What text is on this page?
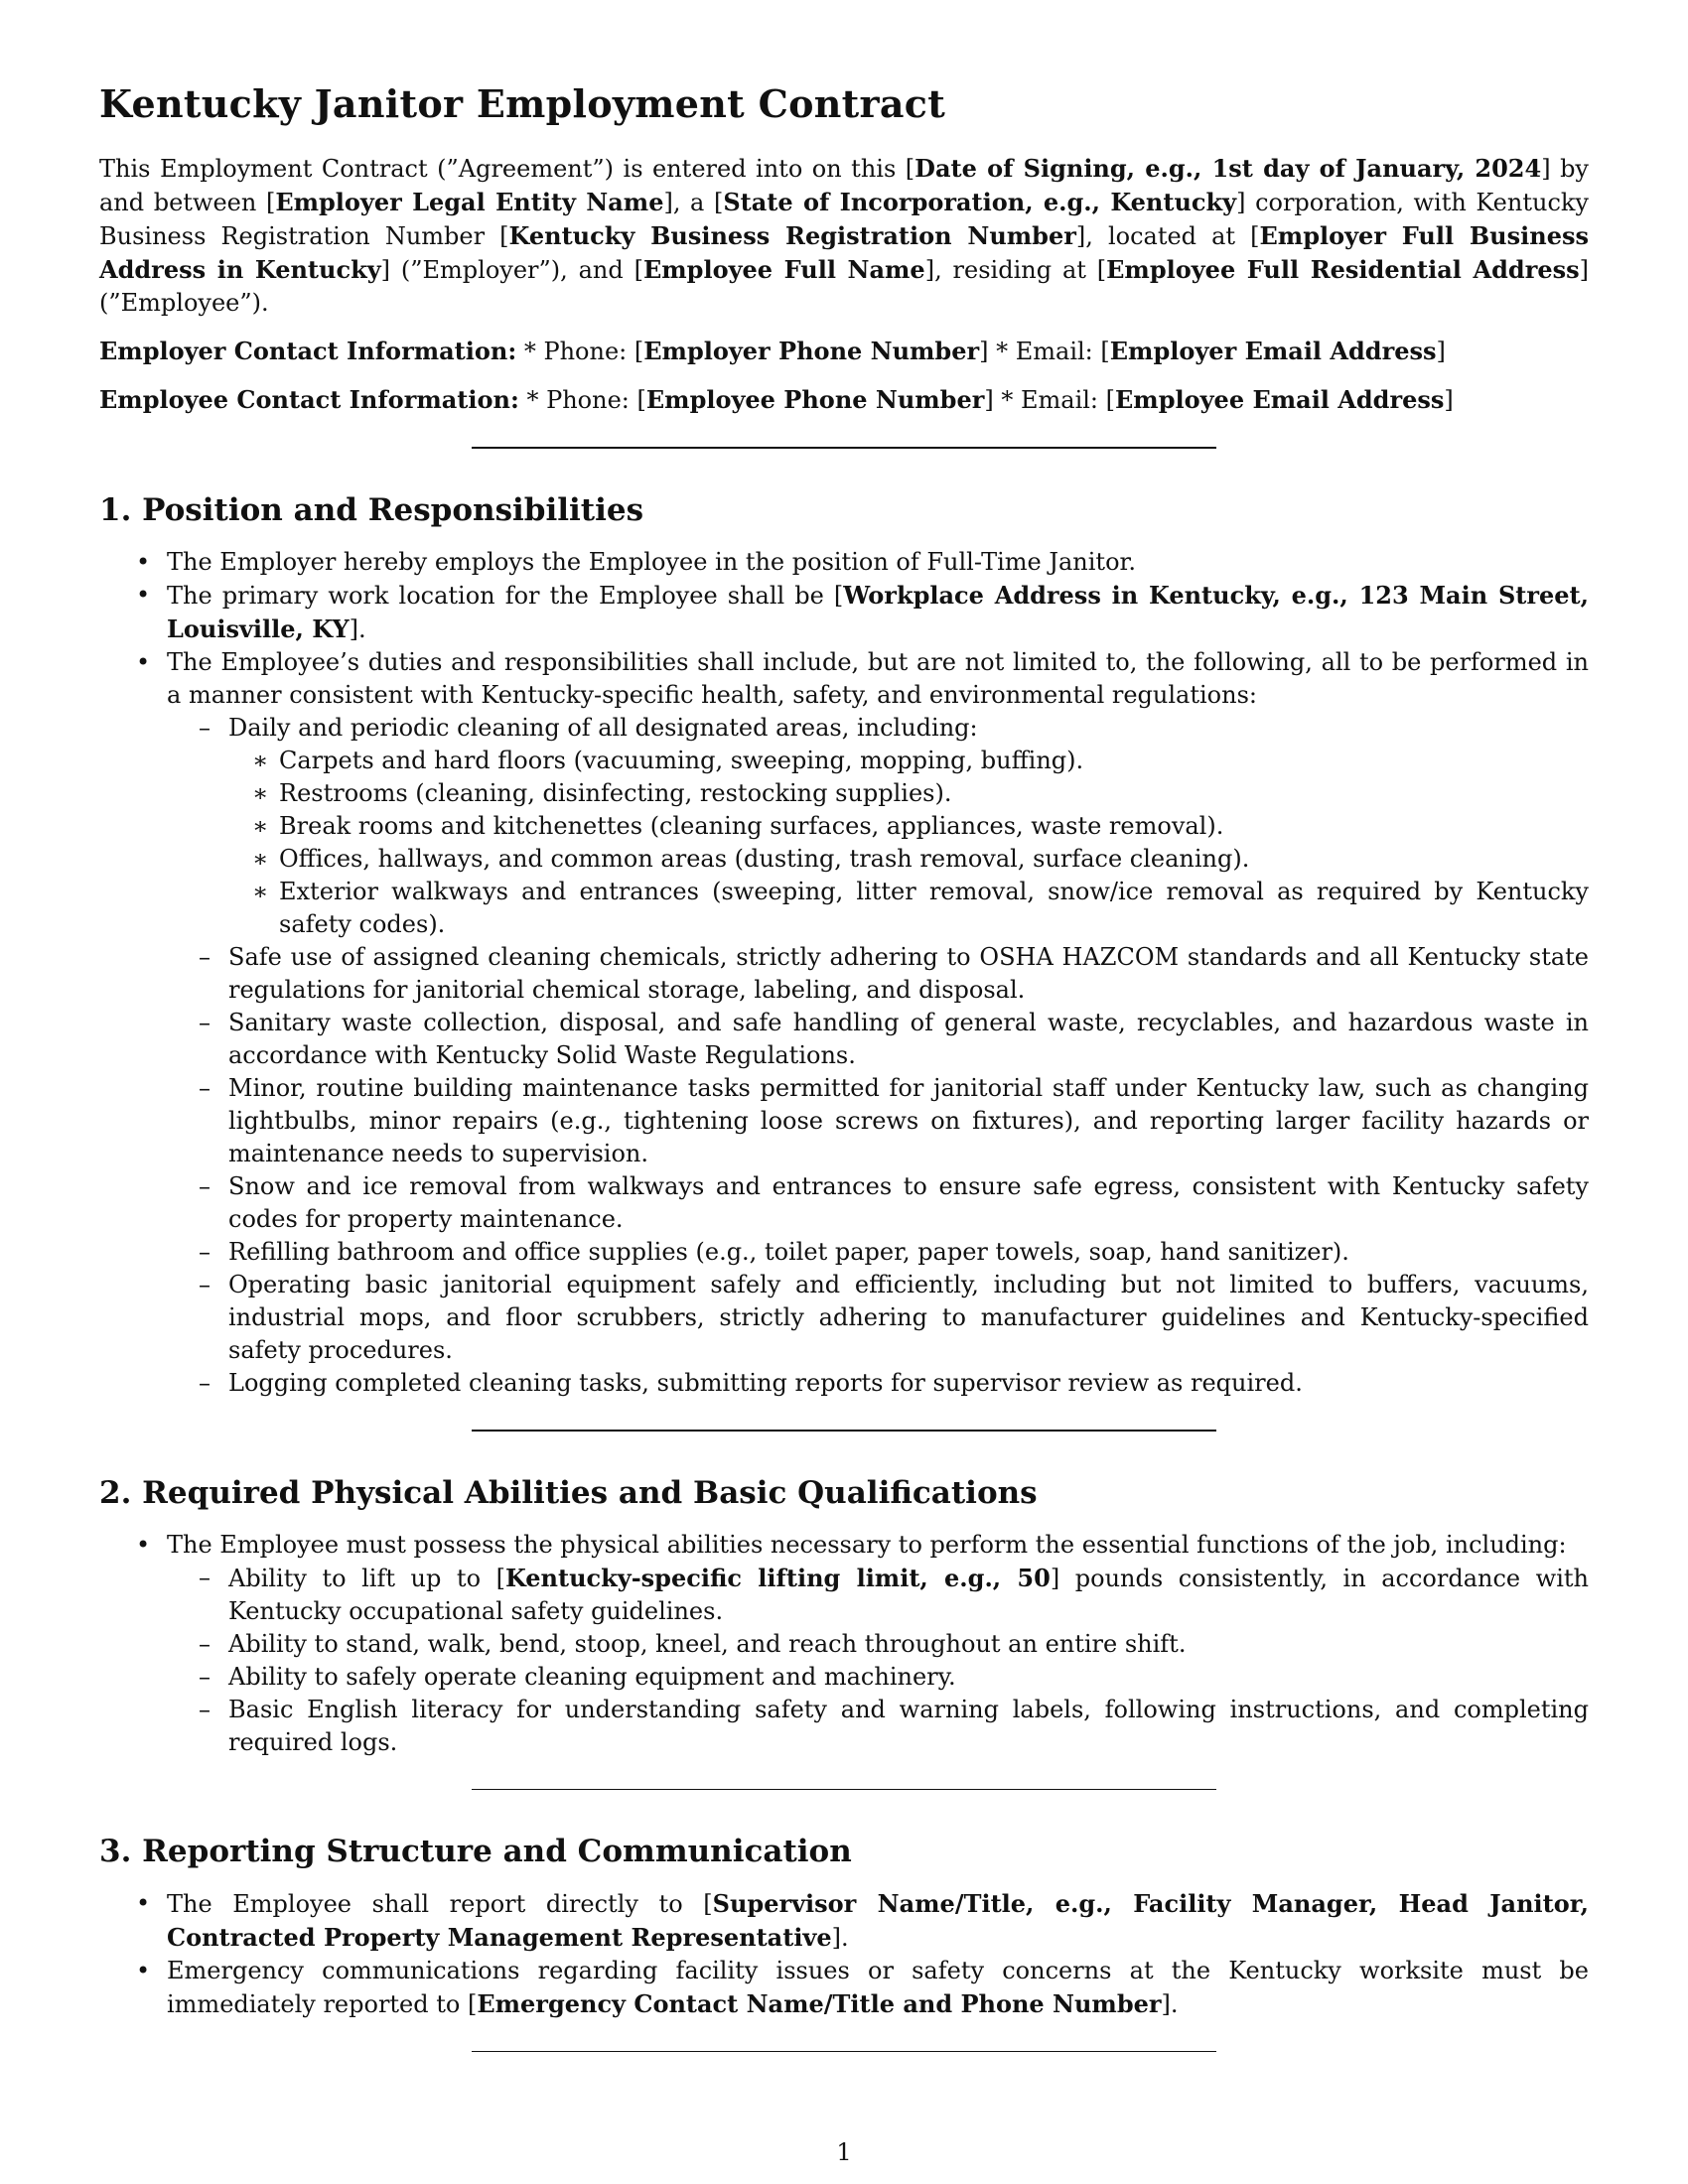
Kentucky Janitor Employment Contract

This Employment Contract (”Agreement”) is entered into on this [Date of Signing, e.g., 1st day of January, 2024] by and between [Employer Legal Entity Name], a [State of Incorporation, e.g., Kentucky] corporation, with Kentucky Business Registration Number [Kentucky Business Registration Number], located at [Employer Full Business Address in Kentucky] (”Employer”), and [Employee Full Name], residing at [Employee Full Residential Address] (”Employee”).

Employer Contact Information: * Phone: [Employer Phone Number] * Email: [Employer Email Address]

Employee Contact Information: * Phone: [Employee Phone Number] * Email: [Employee Email Address]

1. Position and Responsibilities
• The Employer hereby employs the Employee in the position of Full-Time Janitor.
• The primary work location for the Employee shall be [Workplace Address in Kentucky, e.g., 123 Main Street, Louisville, KY].
• The Employee’s duties and responsibilities shall include, but are not limited to, the following, all to be performed in a manner consistent with Kentucky-specific health, safety, and environmental regulations:
– Daily and periodic cleaning of all designated areas, including:
∗ Carpets and hard floors (vacuuming, sweeping, mopping, buffing).
∗ Restrooms (cleaning, disinfecting, restocking supplies).
∗ Break rooms and kitchenettes (cleaning surfaces, appliances, waste removal).
∗ Offices, hallways, and common areas (dusting, trash removal, surface cleaning).
∗ Exterior walkways and entrances (sweeping, litter removal, snow/ice removal as required by Kentucky safety codes).
– Safe use of assigned cleaning chemicals, strictly adhering to OSHA HAZCOM standards and all Kentucky state regulations for janitorial chemical storage, labeling, and disposal.
– Sanitary waste collection, disposal, and safe handling of general waste, recyclables, and hazardous waste in accordance with Kentucky Solid Waste Regulations.
– Minor, routine building maintenance tasks permitted for janitorial staff under Kentucky law, such as changing lightbulbs, minor repairs (e.g., tightening loose screws on fixtures), and reporting larger facility hazards or maintenance needs to supervision.
– Snow and ice removal from walkways and entrances to ensure safe egress, consistent with Kentucky safety codes for property maintenance.
– Refilling bathroom and office supplies (e.g., toilet paper, paper towels, soap, hand sanitizer).
– Operating basic janitorial equipment safely and efficiently, including but not limited to buffers, vacuums, industrial mops, and floor scrubbers, strictly adhering to manufacturer guidelines and Kentucky-specified safety procedures.
– Logging completed cleaning tasks, submitting reports for supervisor review as required.
2. Required Physical Abilities and Basic Qualifications
• The Employee must possess the physical abilities necessary to perform the essential functions of the job, including:
– Ability to lift up to [Kentucky-specific lifting limit, e.g., 50] pounds consistently, in accordance with Kentucky occupational safety guidelines.
– Ability to stand, walk, bend, stoop, kneel, and reach throughout an entire shift.
– Ability to safely operate cleaning equipment and machinery.
– Basic English literacy for understanding safety and warning labels, following instructions, and completing required logs.
3. Reporting Structure and Communication
• The Employee shall report directly to [Supervisor Name/Title, e.g., Facility Manager, Head Janitor, Contracted Property Management Representative].
• Emergency communications regarding facility issues or safety concerns at the Kentucky worksite must be immediately reported to [Emergency Contact Name/Title and Phone Number].
1
